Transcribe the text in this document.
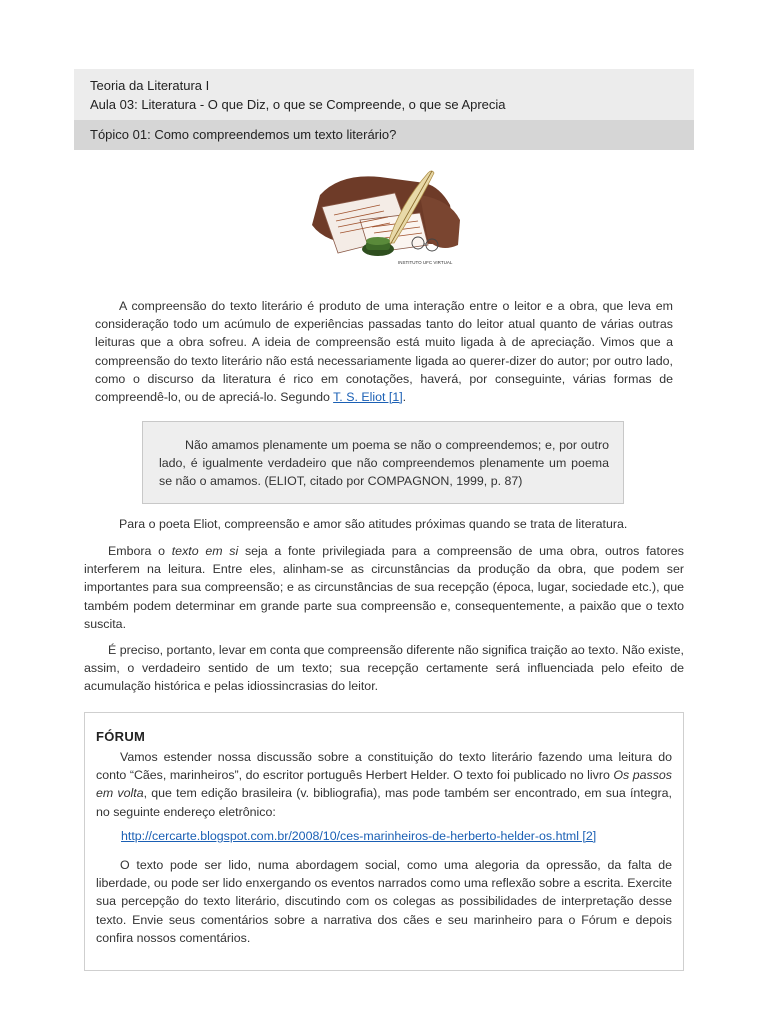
Teoria da Literatura I
Aula 03: Literatura - O que Diz, o que se Compreende, o que se Aprecia
Tópico 01: Como compreendemos um texto literário?
INSTITUTO UFC VIRTUAL

A compreensão do texto literário é produto de uma interação entre o leitor e a obra, que leva em consideração todo um acúmulo de experiências passadas tanto do leitor atual quanto de várias outras leituras que a obra sofreu. A ideia de compreensão está muito ligada à de apreciação. Vimos que a compreensão do texto literário não está necessariamente ligada ao querer-dizer do autor; por outro lado, como o discurso da literatura é rico em conotações, haverá, por conseguinte, várias formas de compreendê-lo, ou de apreciá-lo. Segundo T. S. Eliot [1].

Não amamos plenamente um poema se não o compreendemos; e, por outro lado, é igualmente verdadeiro que não compreendemos plenamente um poema se não o amamos. (ELIOT, citado por COMPAGNON, 1999, p. 87)

Para o poeta Eliot, compreensão e amor são atitudes próximas quando se trata de literatura.

Embora o texto em si seja a fonte privilegiada para a compreensão de uma obra, outros fatores interferem na leitura. Entre eles, alinham-se as circunstâncias da produção da obra, que podem ser importantes para sua compreensão; e as circunstâncias de sua recepção (época, lugar, sociedade etc.), que também podem determinar em grande parte sua compreensão e, consequentemente, a paixão que o texto suscita.

É preciso, portanto, levar em conta que compreensão diferente não significa traição ao texto. Não existe, assim, o verdadeiro sentido de um texto; sua recepção certamente será influenciada pelo efeito de acumulação histórica e pelas idiossincrasias do leitor.

FÓRUM

Vamos estender nossa discussão sobre a constituição do texto literário fazendo uma leitura do conto “Cães, marinheiros”, do escritor português Herbert Helder. O texto foi publicado no livro Os passos em volta, que tem edição brasileira (v. bibliografia), mas pode também ser encontrado, em sua íntegra, no seguinte endereço eletrônico:

http://cercarte.blogspot.com.br/2008/10/ces-marinheiros-de-herberto-helder-os.html [2]

O texto pode ser lido, numa abordagem social, como uma alegoria da opressão, da falta de liberdade, ou pode ser lido enxergando os eventos narrados como uma reflexão sobre a escrita. Exercite sua percepção do texto literário, discutindo com os colegas as possibilidades de interpretação desse texto. Envie seus comentários sobre a narrativa dos cães e seu marinheiro para o Fórum e depois confira nossos comentários.
